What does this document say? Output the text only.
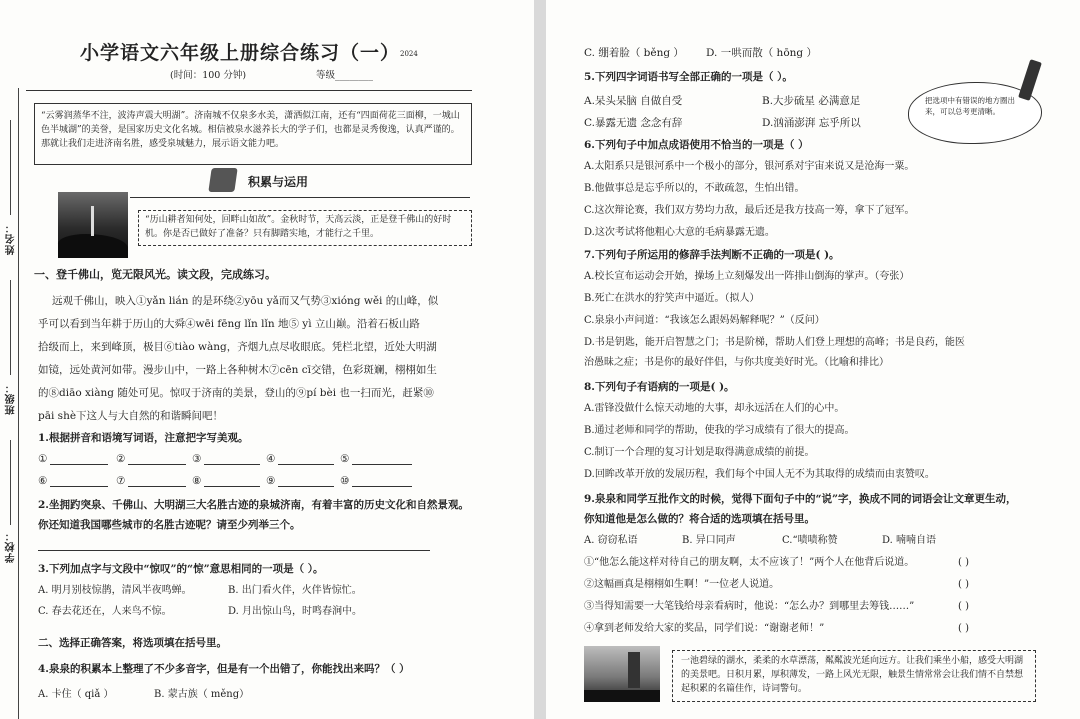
姓名：
班级：
学校：
小学语文六年级上册综合练习（一） 2024
(时间：100 分钟)	等级________
“云雾润蒸华不注，波涛声震大明湖”。济南城不仅泉多水美，潇洒似江南，还有“四面荷花三面柳，一城山色半城湖”的美誉，是国家历史文化名城。相信被泉水滋养长大的学子们，也都是灵秀俊逸，认真严谨的。那就让我们走进济南名胜，感受泉城魅力，展示语文能力吧。
积累与运用
“历山耕者知何处，回畔山如故”。金秋时节，天高云淡，正是登千佛山的好时机。你是否已做好了准备？只有脚踏实地，才能行之千里。
一、登千佛山，览无限风光。读文段，完成练习。
远观千佛山，映入①yǎn lián 的是环绕②yōu yǎ而又气势③xióng wěi 的山峰，似
乎可以看到当年耕于历山的大舜④wēi fēng lǐn lǐn 地⑤ yì 立山巅。沿着石板山路
拾级而上，来到峰顶，极目⑥tiào wàng，齐烟九点尽收眼底。凭栏北望，近处大明湖
如镜，远处黄河如带。漫步山中，一路上各种树木⑦cēn cī交错，色彩斑斓，栩栩如生
的⑧diāo xiàng 随处可见。惊叹于济南的美景，登山的⑨pí bèi 也一扫而光，赶紧⑩
pāi shè下这人与大自然的和谐瞬间吧！
1.根据拼音和语境写词语，注意把字写美观。
①	②	③	④	⑤
⑥	⑦	⑧	⑨	⑩
2.坐拥趵突泉、千佛山、大明湖三大名胜古迹的泉城济南，有着丰富的历史文化和自然景观。你还知道我国哪些城市的名胜古迹呢？请至少列举三个。
3.下列加点字与文段中“惊叹”的“惊”意思相同的一项是（ ）。
A. 明月别枝惊鹊，清风半夜鸣蝉。	B. 出门看火伴，火伴皆惊忙。
C. 春去花还在，人来鸟不惊。	D. 月出惊山鸟，时鸣春涧中。
二、选择正确答案，将选项填在括号里。
4.泉泉的积累本上整理了不少多音字，但是有一个出错了，你能找出来吗？（ ）
A. 卡住（ qiǎ ）	B. 蒙古族（ měng）
C. 绷着脸（ běng ） D. 一哄而散（ hōng ）
5.下列四字词语书写全部正确的一项是（ ）。
A.呆头呆脑 自做自受	B.大步硫星 必满意足
C.暴露无遗 念念有辞	D.汹涌澎湃 忘乎所以
把选项中有错误的地方圈出来，可以总考更清晰。
6.下列句子中加点成语使用不恰当的一项是（ ）
A.太阳系只是银河系中一个极小的部分，银河系对宇宙来说又是沧海一粟。
B.他做事总是忘乎所以的，不敢疏忽，生怕出错。
C.这次辩论赛，我们双方势均力敌，最后还是我方技高一筹，拿下了冠军。
D.这次考试将他粗心大意的毛病暴露无遗。
7.下列句子所运用的修辞手法判断不正确的一项是( )。
A.校长宣布运动会开始，操场上立刻爆发出一阵排山倒海的掌声。（夸张）
B.死亡在洪水的狞笑声中逼近。（拟人）
C.泉泉小声问道：“我该怎么跟妈妈解释呢？”（反问）
D.书是钥匙，能开启智慧之门；书是阶梯，帮助人们登上理想的高峰；书是良药，能医
治愚昧之症；书是你的最好伴侣，与你共度美好时光。（比喻和排比）
8.下列句子有语病的一项是( )。
A.雷锋没做什么惊天动地的大事，却永远活在人们的心中。
B.通过老师和同学的帮助，使我的学习成绩有了很大的提高。
C.制订一个合理的复习计划是取得满意成绩的前提。
D.回眸改革开放的发展历程，我们每个中国人无不为其取得的成绩而由衷赞叹。
9.泉泉和同学互批作文的时候，觉得下面句子中的“说”字，换成不同的词语会让文章更生动，你知道他是怎么做的？将合适的选项填在括号里。
A. 窃窃私语	B. 异口同声	C.“啧啧称赞	D. 喃喃自语
①“他怎么能这样对待自己的朋友啊，太不应该了！”两个人在他背后说道。	( )
②这幅画真是栩栩如生啊！”一位老人说道。	( )
③当得知需要一大笔钱给母亲看病时，他说：“怎么办？到哪里去筹钱……”	( )
④拿到老师发给大家的奖品，同学们说：“谢谢老师！”	( )
一池碧绿的湖水，柔柔的水草漂荡，粼粼波光延向远方。让我们乘坐小船，感受大明湖的美景吧。日积月累，厚积薄发，一路上风光无限，触景生情常常会让我们情不自禁想起积累的名篇佳作，诗词警句。
